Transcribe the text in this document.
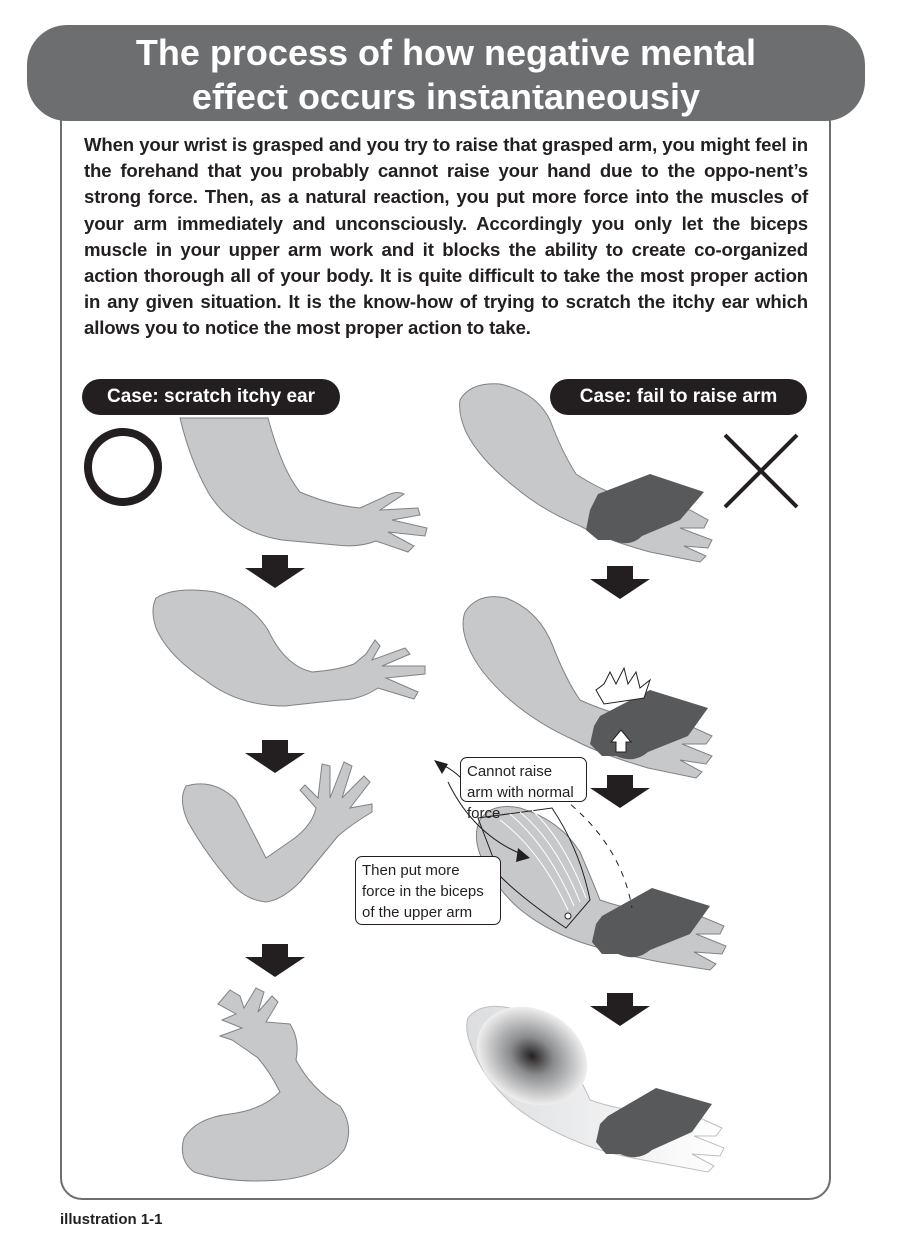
The process of how negative mental
effect occurs instantaneously

When your wrist is grasped and you try to raise that grasped arm, you might feel in the forehand that you probably cannot raise your hand due to the oppo-nent’s strong force. Then, as a natural reaction, you put more force into the muscles of your arm immediately and unconsciously. Accordingly you only let the biceps muscle in your upper arm work and it blocks the ability to create co-organized action thorough all of your body. It is quite difficult to take the most proper action in any given situation. It is the know-how of trying to scratch the itchy ear which allows you to notice the most proper action to take.

Case: scratch itchy ear	Case: fail to raise arm
Cannot raise arm with normal force
Then put more force in the biceps of the upper arm
illustration 1-1
